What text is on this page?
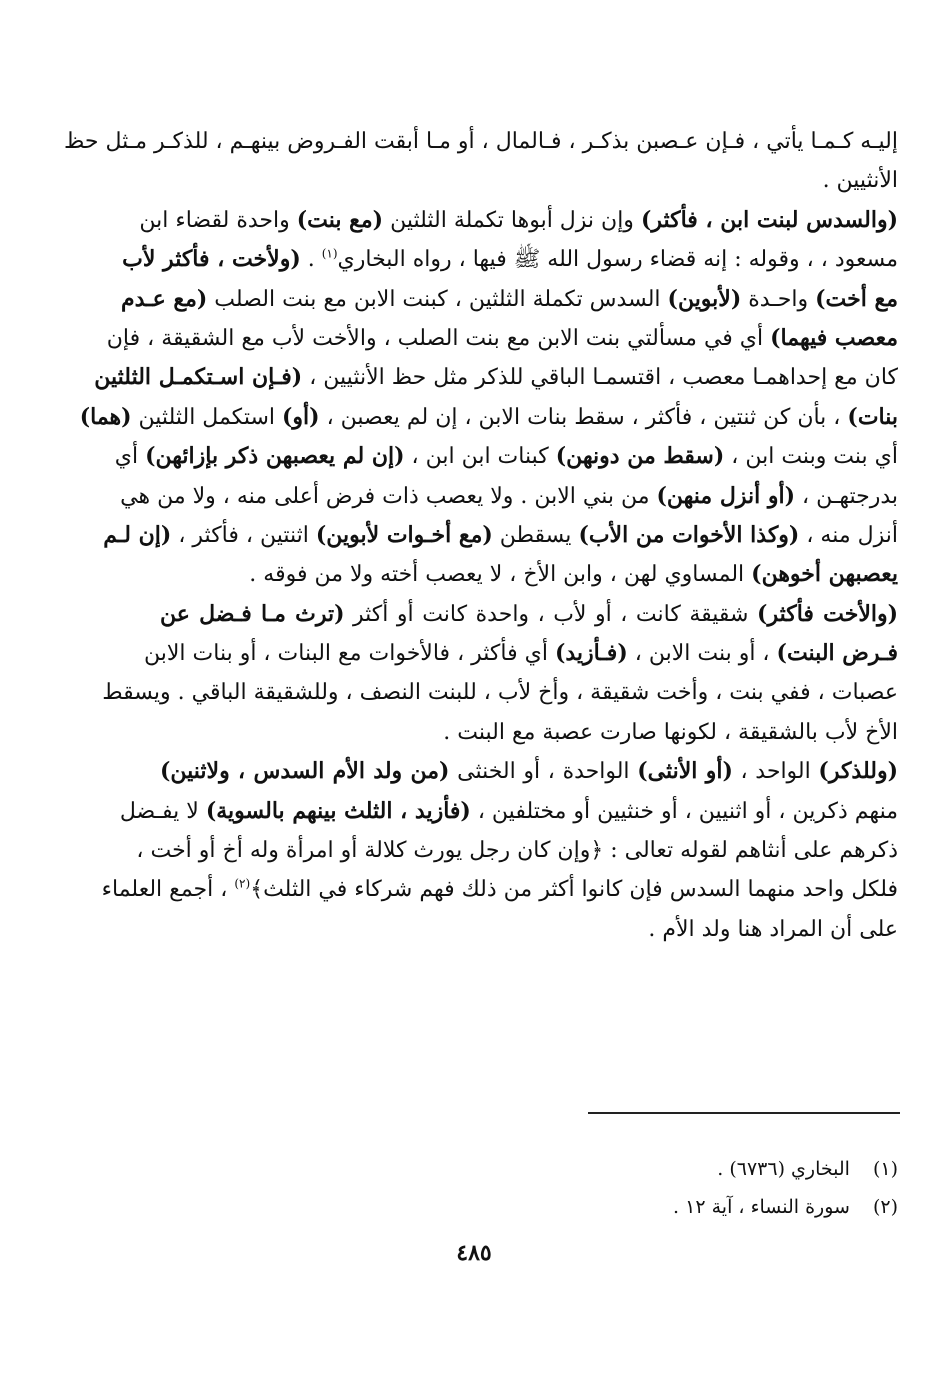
إليـه كـمـا يأتي ، فـإن عـصبن بذكـر ، فـالمال ، أو مـا أبقت الفـروض بينهـم ، للذكـر مـثل حظ
الأنثيين .
(والسدس لبنت ابن ، فأكثر) وإن نزل أبوها تكملة الثلثين (مع بنت) واحدة لقضاء ابن
مسعود ، ، وقوله : إنه قضاء رسول الله ﷺ فيها ، رواه البخاري$^{(١)}$ . (ولأخت ، فأكثر لأب
مع أخت) واحـدة (لأبوين) السدس تكملة الثلثين ، كبنت الابن مع بنت الصلب (مع عـدم
معصب فيهما) أي في مسألتي بنت الابن مع بنت الصلب ، والأخت لأب مع الشقيقة ، فإن
كان مع إحداهمـا معصب ، اقتسمـا الباقي للذكر مثل حظ الأنثيين ، (فـإن اسـتكمـل الثلثين
بنات) ، بأن كن ثنتين ، فأكثر ، سقط بنات الابن ، إن لم يعصبن ، (أو) استكمل الثلثين (هما)
أي بنت وبنت ابن ، (سقط من دونهن) كبنات ابن ابن ، (إن لم يعصبهن ذكر بإزائهن) أي
بدرجتهـن ، (أو أنزل منهن) من بني الابن . ولا يعصب ذات فرض أعلى منه ، ولا من هي
أنزل منه ، (وكذا الأخوات من الأب) يسقطن (مع أخـوات لأبوين) اثنتين ، فأكثر ، (إن لـم
يعصبهن أخوهن) المساوي لهن ، وابن الأخ ، لا يعصب أخته ولا من فوقه .
(والأخت فأكثر) شقيقة كانت ، أو لأب ، واحدة كانت أو أكثر (ترث مـا فـضل عن
فـرض البنت) ، أو بنت الابن ، (فـأزيد) أي فأكثر ، فالأخوات مع البنات ، أو بنات الابن
عصبات ، ففي بنت ، وأخت شقيقة ، وأخ لأب ، للبنت النصف ، وللشقيقة الباقي . ويسقط
الأخ لأب بالشقيقة ، لكونها صارت عصبة مع البنت .
(وللذكر) الواحد ، (أو الأنثى) الواحدة ، أو الخنثى (من ولد الأم السدس ، ولاثنين)
منهم ذكرين ، أو اثنيين ، أو خنثيين أو مختلفين ، (فأزيد ، الثلث بينهم بالسوية) لا يفـضل
ذكرهم على أنثاهم لقوله تعالى : ﴿وإن كان رجل يورث كلالة أو امرأة وله أخ أو أخت ،
فلكل واحد منهما السدس فإن كانوا أكثر من ذلك فهم شركاء في الثلث﴾$^{(٢)}$ ، أجمع العلماء
على أن المراد هنا ولد الأم .
(١) البخاري (٦٧٣٦) .
(٢) سورة النساء ، آية ١٢ .
٤٨٥
